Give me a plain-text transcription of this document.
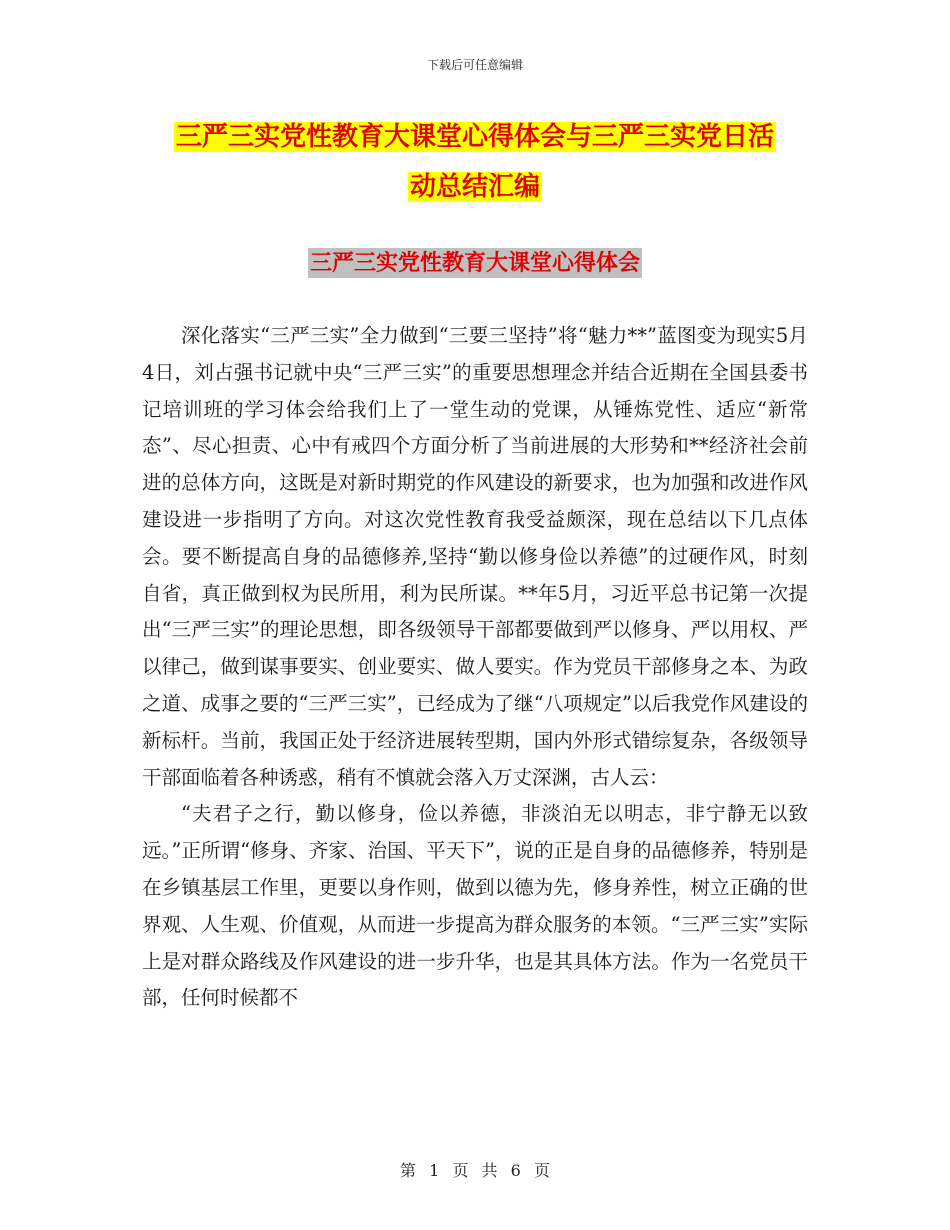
下载后可任意编辑
三严三实党性教育大课堂心得体会与三严三实党日活
动总结汇编
三严三实党性教育大课堂心得体会

深化落实“三严三实”全力做到“三要三坚持”将“魅力**”蓝图变为现实5月4日，刘占强书记就中央“三严三实”的重要思想理念并结合近期在全国县委书记培训班的学习体会给我们上了一堂生动的党课，从锤炼党性、适应“新常态”、尽心担责、心中有戒四个方面分析了当前进展的大形势和**经济社会前进的总体方向，这既是对新时期党的作风建设的新要求，也为加强和改进作风建设进一步指明了方向。对这次党性教育我受益颇深，现在总结以下几点体会。要不断提高自身的品德修养,坚持“勤以修身俭以养德”的过硬作风，时刻自省，真正做到权为民所用，利为民所谋。**年5月，习近平总书记第一次提出“三严三实”的理论思想，即各级领导干部都要做到严以修身、严以用权、严以律己，做到谋事要实、创业要实、做人要实。作为党员干部修身之本、为政之道、成事之要的“三严三实”，已经成为了继“八项规定”以后我党作风建设的新标杆。当前，我国正处于经济进展转型期，国内外形式错综复杂，各级领导干部面临着各种诱惑，稍有不慎就会落入万丈深渊，古人云：

“夫君子之行，勤以修身，俭以养德，非淡泊无以明志，非宁静无以致远。”正所谓“修身、齐家、治国、平天下”，说的正是自身的品德修养，特别是在乡镇基层工作里，更要以身作则，做到以德为先，修身养性，树立正确的世界观、人生观、价值观，从而进一步提高为群众服务的本领。“三严三实”实际上是对群众路线及作风建设的进一步升华，也是其具体方法。作为一名党员干部，任何时候都不

第 1 页 共 6 页
